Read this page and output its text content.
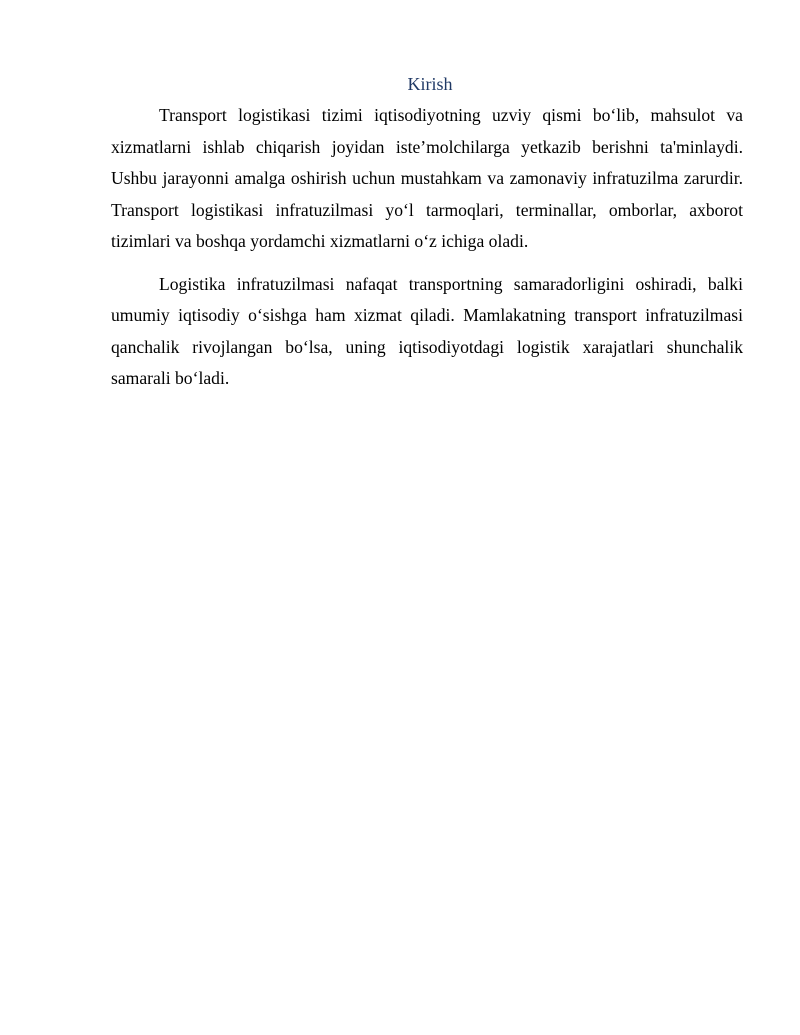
Kirish

Transport logistikasi tizimi iqtisodiyotning uzviy qismi bo‘lib, mahsulot va xizmatlarni ishlab chiqarish joyidan iste’molchilarga yetkazib berishni ta'minlaydi. Ushbu jarayonni amalga oshirish uchun mustahkam va zamonaviy infratuzilma zarurdir. Transport logistikasi infratuzilmasi yo‘l tarmoqlari, terminallar, omborlar, axborot tizimlari va boshqa yordamchi xizmatlarni o‘z ichiga oladi.

Logistika infratuzilmasi nafaqat transportning samaradorligini oshiradi, balki umumiy iqtisodiy o‘sishga ham xizmat qiladi. Mamlakatning transport infratuzilmasi qanchalik rivojlangan bo‘lsa, uning iqtisodiyotdagi logistik xarajatlari shunchalik samarali bo‘ladi.
